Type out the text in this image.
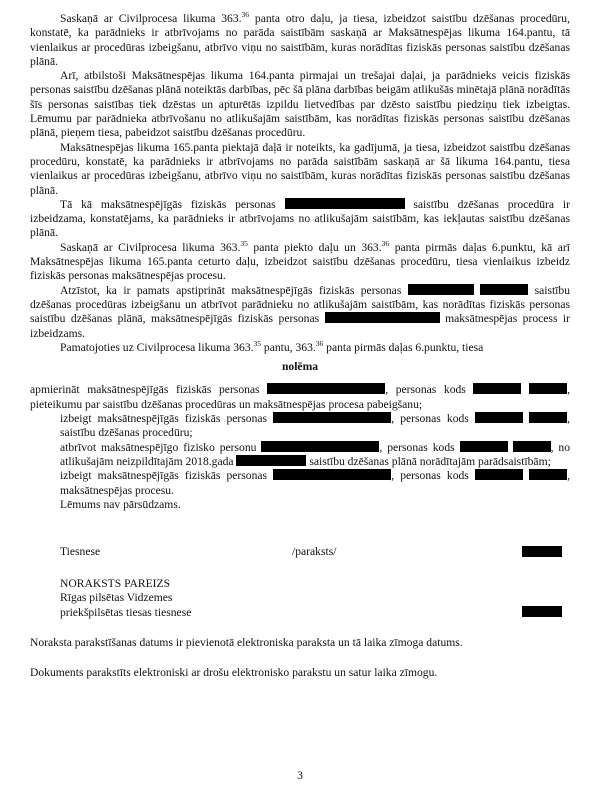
Saskaņā ar Civilprocesa likuma 363.36 panta otro daļu, ja tiesa, izbeidzot saistību dzēšanas procedūru, konstatē, ka parādnieks ir atbrīvojams no parāda saistībām saskaņā ar Maksātnespējas likuma 164.pantu, tā vienlaikus ar procedūras izbeigšanu, atbrīvo viņu no saistībām, kuras norādītas fiziskās personas saistību dzēšanas plānā.

Arī, atbilstoši Maksātnespējas likuma 164.panta pirmajai un trešajai daļai, ja parādnieks veicis fiziskās personas saistību dzēšanas plānā noteiktās darbības, pēc šā plāna darbības beigām atlikušās minētajā plānā norādītās šīs personas saistības tiek dzēstas un apturētās izpildu lietvedības par dzēsto saistību piedziņu tiek izbeigtas. Lēmumu par parādnieka atbrīvošanu no atlikušajām saistībām, kas norādītas fiziskās personas saistību dzēšanas plānā, pieņem tiesa, pabeidzot saistību dzēšanas procedūru.

Maksātnespējas likuma 165.panta piektajā daļā ir noteikts, ka gadījumā, ja tiesa, izbeidzot saistību dzēšanas procedūru, konstatē, ka parādnieks ir atbrīvojams no parāda saistībām saskaņā ar šā likuma 164.pantu, tiesa vienlaikus ar procedūras izbeigšanu, atbrīvo viņu no saistībām, kuras norādītas fiziskās personas saistību dzēšanas plānā.

Tā kā maksātnespējīgās fiziskās personas	saistību dzēšanas procedūra ir izbeidzama, konstatējams, ka parādnieks ir atbrīvojams no atlikušajām saistībām, kas iekļautas saistību dzēšanas plānā.

Saskaņā ar Civilprocesa likuma 363.35 panta piekto daļu un 363.36 panta pirmās daļas 6.punktu, kā arī Maksātnespējas likuma 165.panta ceturto daļu, izbeidzot saistību dzēšanas procedūru, tiesa vienlaikus izbeidz fiziskās personas maksātnespējas procesu.

Atzīstot, ka ir pamats apstiprināt maksātnespējīgās fiziskās personas	saistību dzēšanas procedūras izbeigšanu un atbrīvot parādnieku no atlikušajām saistībām, kas norādītas fiziskās personas saistību dzēšanas plānā, maksātnespējīgās fiziskās personas	maksātnespējas process ir izbeidzams.

Pamatojoties uz Civilprocesa likuma 363.35 pantu, 363.36 panta pirmās daļas 6.punktu, tiesa

nolēma

apmierināt maksātnespējīgās fiziskās personas	, personas kods	, pieteikumu par saistību dzēšanas procedūras un maksātnespējas procesa pabeigšanu;

izbeigt maksātnespējīgās fiziskās personas	, personas kods	, saistību dzēšanas procedūru;

atbrīvot maksātnespējīgo fizisko personu	, personas kods	, no atlikušajām neizpildītajām 2018.gada	saistību dzēšanas plānā norādītajām parādsaistībām;

izbeigt maksātnespējīgās fiziskās personas	, personas kods	, maksātnespējas procesu.

Lēmums nav pārsūdzams.

Tiesnese	/paraksts/
NORAKSTS PAREIZS
Rīgas pilsētas Vidzemes
priekšpilsētas tiesas tiesnese

Noraksta parakstīšanas datums ir pievienotā elektroniska paraksta un tā laika zīmoga datums.

Dokuments parakstīts elektroniski ar drošu elektronisko parakstu un satur laika zīmogu.

3
